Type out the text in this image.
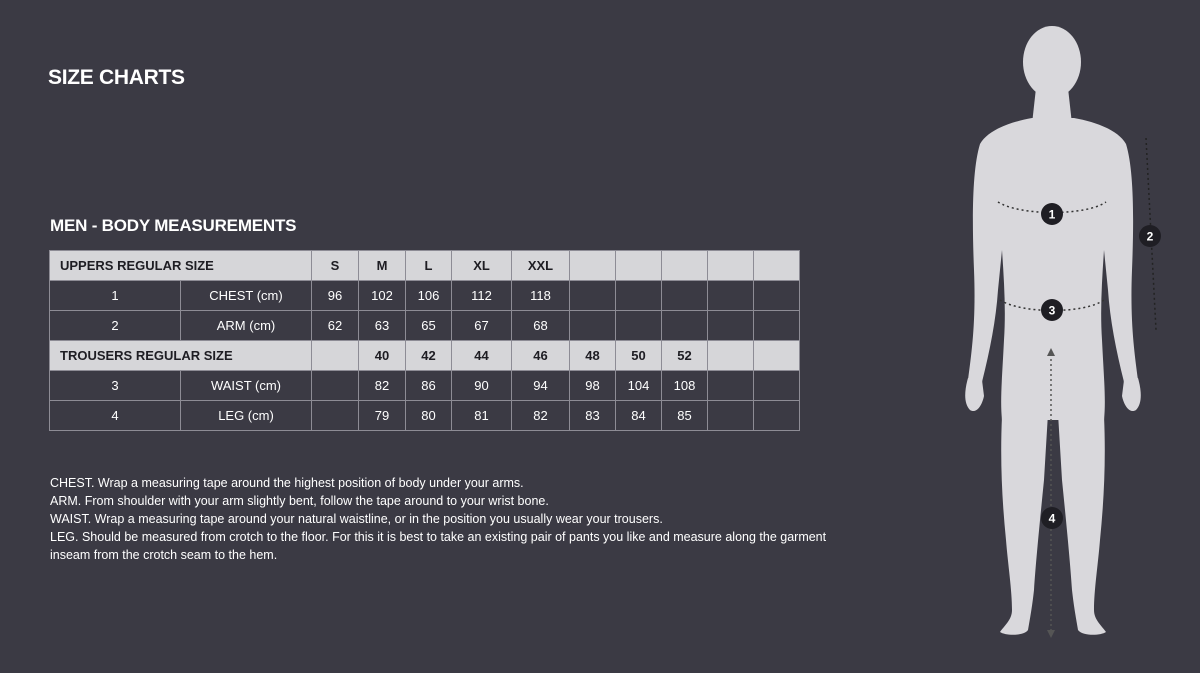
SIZE CHARTS
MEN - BODY MEASUREMENTS
UPPERS REGULAR SIZE		S	M	L	XL	XXL					
1	CHEST (cm)	96	102	106	112	118					
2	ARM (cm)	62	63	65	67	68					
TROUSERS REGULAR SIZE			40	42	44	46	48	50	52		
3	WAIST (cm)		82	86	90	94	98	104	108		
4	LEG (cm)		79	80	81	82	83	84	85		

CHEST. Wrap a measuring tape around the highest position of body under your arms.

ARM. From shoulder with your arm slightly bent, follow the tape around to your wrist bone.

WAIST. Wrap a measuring tape around your natural waistline, or in the position you usually wear your trousers.

LEG. Should be measured from crotch to the floor. For this it is best to take an existing pair of pants you like and measure along the garment inseam from the crotch seam to the hem.

1
2
3
4
